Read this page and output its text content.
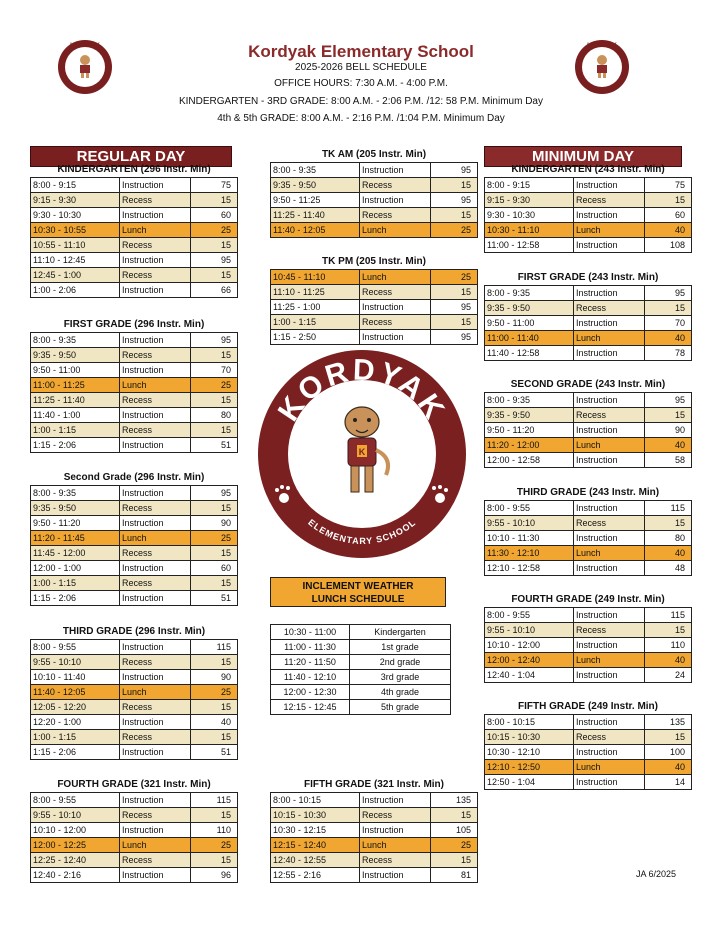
Kordyak Elementary School
2025-2026 BELL SCHEDULE
OFFICE HOURS: 7:30 A.M. - 4:00 P.M.
KINDERGARTEN - 3RD GRADE: 8:00 A.M. - 2:06 P.M. /12: 58 P.M. Minimum Day
4th & 5th GRADE: 8:00 A.M. - 2:16 P.M. /1:04 P.M. Minimum Day
KORDYAK	KORDYAK
REGULAR DAY	MINIMUM DAY
KINDERGARTEN (296 Instr. Min)
8:00 - 9:15	Instruction	75
9:15 - 9:30	Recess	15
9:30 - 10:30	Instruction	60
10:30 - 10:55	Lunch	25
10:55 - 11:10	Recess	15
11:10 - 12:45	Instruction	95
12:45 - 1:00	Recess	15
1:00 - 2:06	Instruction	66
FIRST GRADE (296 Instr. Min)
8:00 - 9:35	Instruction	95
9:35 - 9:50	Recess	15
9:50 - 11:00	Instruction	70
11:00 - 11:25	Lunch	25
11:25 - 11:40	Recess	15
11:40 - 1:00	Instruction	80
1:00 - 1:15	Recess	15
1:15 - 2:06	Instruction	51
Second Grade (296 Instr. Min)
8:00 - 9:35	Instruction	95
9:35 - 9:50	Recess	15
9:50 - 11:20	Instruction	90
11:20 - 11:45	Lunch	25
11:45 - 12:00	Recess	15
12:00 - 1:00	Instruction	60
1:00 - 1:15	Recess	15
1:15 - 2:06	Instruction	51
THIRD GRADE (296 Instr. Min)
8:00 - 9:55	Instruction	115
9:55 - 10:10	Recess	15
10:10 - 11:40	Instruction	90
11:40 - 12:05	Lunch	25
12:05 - 12:20	Recess	15
12:20 - 1:00	Instruction	40
1:00 - 1:15	Recess	15
1:15 - 2:06	Instruction	51
FOURTH GRADE (321 Instr. Min)
8:00 - 9:55	Instruction	115
9:55 - 10:10	Recess	15
10:10 - 12:00	Instruction	110
12:00 - 12:25	Lunch	25
12:25 - 12:40	Recess	15
12:40 - 2:16	Instruction	96
TK AM (205 Instr. Min)
8:00 - 9:35	Instruction	95
9:35 - 9:50	Recess	15
9:50 - 11:25	Instruction	95
11:25 - 11:40	Recess	15
11:40 - 12:05	Lunch	25
TK PM (205 Instr. Min)
10:45 - 11:10	Lunch	25
11:10 - 11:25	Recess	15
11:25 - 1:00	Instruction	95
1:00 - 1:15	Recess	15
1:15 - 2:50	Instruction	95
FIFTH GRADE (321 Instr. Min)
8:00 - 10:15	Instruction	135
10:15 - 10:30	Recess	15
10:30 - 12:15	Instruction	105
12:15 - 12:40	Lunch	25
12:40 - 12:55	Recess	15
12:55 - 2:16	Instruction	81
KINDERGARTEN (243 Instr. Min)
8:00 - 9:15	Instruction	75
9:15 - 9:30	Recess	15
9:30 - 10:30	Instruction	60
10:30 - 11:10	Lunch	40
11:00 - 12:58	Instruction	108
FIRST GRADE (243 Instr. Min)
8:00 - 9:35	Instruction	95
9:35 - 9:50	Recess	15
9:50 - 11:00	Instruction	70
11:00 - 11:40	Lunch	40
11:40 - 12:58	Instruction	78
SECOND GRADE (243 Instr. Min)
8:00 - 9:35	Instruction	95
9:35 - 9:50	Recess	15
9:50 - 11:20	Instruction	90
11:20 - 12:00	Lunch	40
12:00 - 12:58	Instruction	58
THIRD GRADE (243 Instr. Min)
8:00 - 9:55	Instruction	115
9:55 - 10:10	Recess	15
10:10 - 11:30	Instruction	80
11:30 - 12:10	Lunch	40
12:10 - 12:58	Instruction	48
FOURTH GRADE (249 Instr. Min)
8:00 - 9:55	Instruction	115
9:55 - 10:10	Recess	15
10:10 - 12:00	Instruction	110
12:00 - 12:40	Lunch	40
12:40 - 1:04	Instruction	24
FIFTH GRADE (249 Instr. Min)
8:00 - 10:15	Instruction	135
10:15 - 10:30	Recess	15
10:30 - 12:10	Instruction	100
12:10 - 12:50	Lunch	40
12:50 - 1:04	Instruction	14
KORDYAK
ELEMENTARY SCHOOL
K
INCLEMENT WEATHER
LUNCH SCHEDULE
10:30 - 11:00	Kindergarten
11:00 - 11:30	1st grade
11:20 - 11:50	2nd grade
11:40 - 12:10	3rd grade
12:00 - 12:30	4th grade
12:15 - 12:45	5th grade
JA 6/2025
